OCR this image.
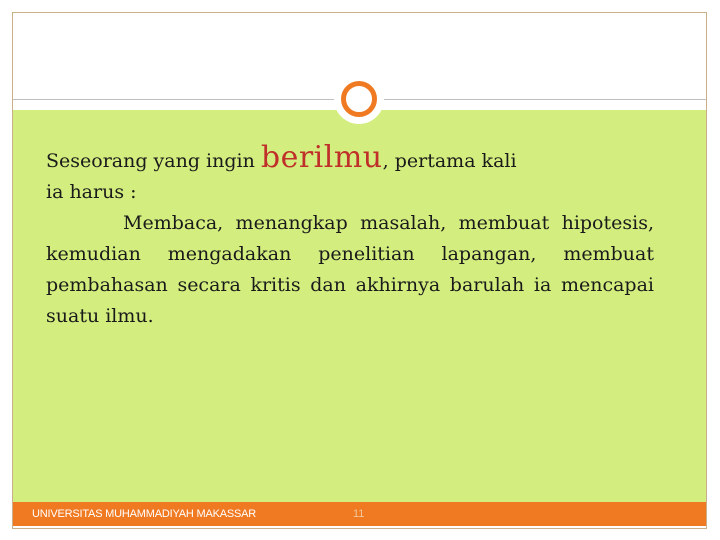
Seseorang yang ingin berilmu, pertama kali
ia harus :
Membaca, menangkap masalah, membuat hipotesis, kemudian mengadakan penelitian lapangan, membuat pembahasan secara kritis dan akhirnya barulah ia mencapai suatu ilmu.
UNIVERSITAS MUHAMMADIYAH MAKASSAR	11
